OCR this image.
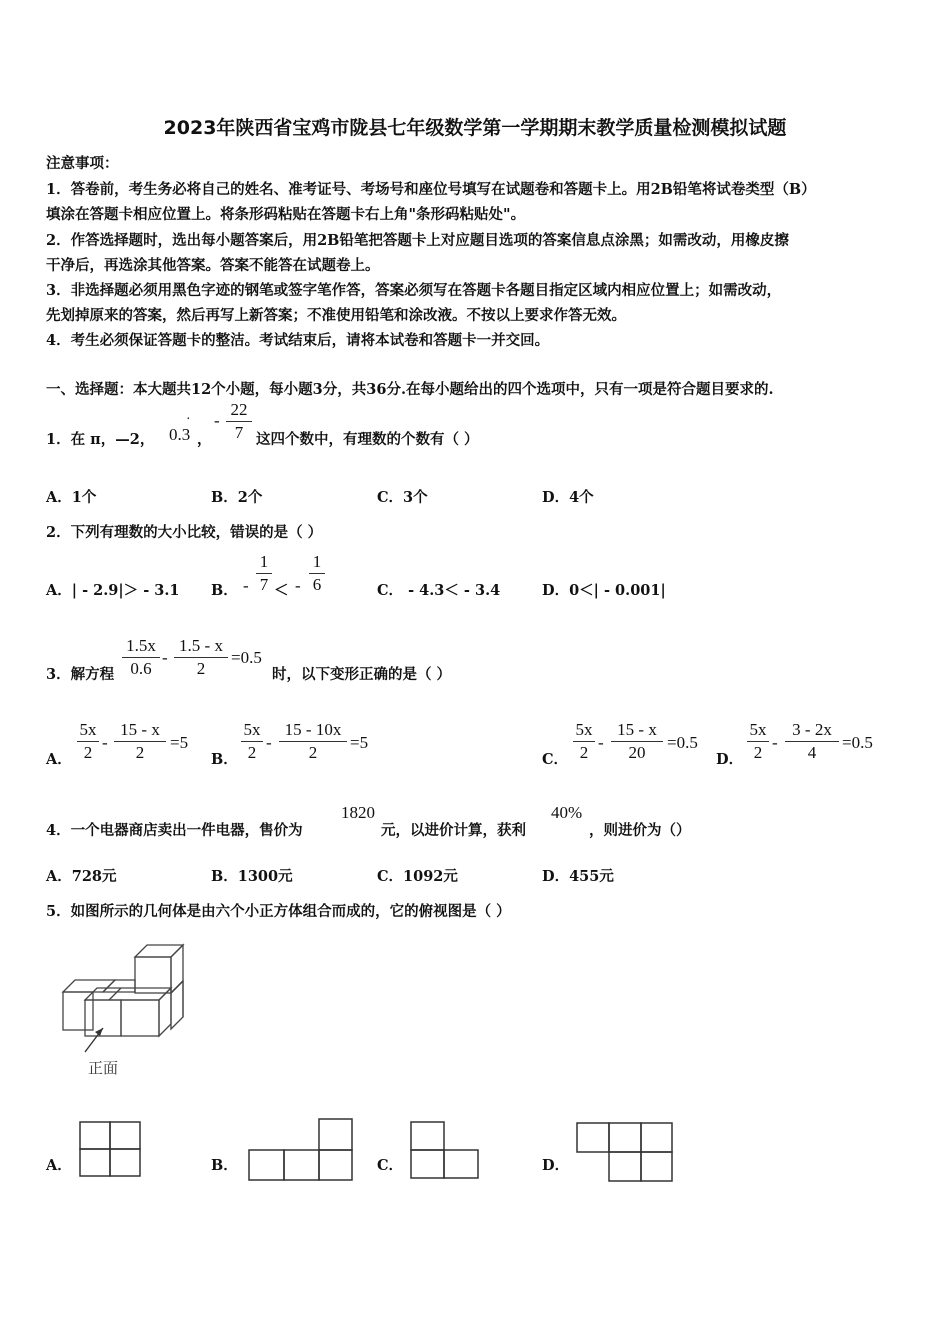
2023年陕西省宝鸡市陇县七年级数学第一学期期末教学质量检测模拟试题
注意事项：
1．答卷前，考生务必将自己的姓名、准考证号、考场号和座位号填写在试题卷和答题卡上。用2B铅笔将试卷类型（B）
填涂在答题卡相应位置上。将条形码粘贴在答题卡右上角"条形码粘贴处"。
2．作答选择题时，选出每小题答案后，用2B铅笔把答题卡上对应题目选项的答案信息点涂黑；如需改动，用橡皮擦
干净后，再选涂其他答案。答案不能答在试题卷上。
3．非选择题必须用黑色字迹的钢笔或签字笔作答，答案必须写在答题卡各题目指定区域内相应位置上；如需改动，
先划掉原来的答案，然后再写上新答案；不准使用铅笔和涂改液。不按以上要求作答无效。
4．考生必须保证答题卡的整洁。考试结束后，请将本试卷和答题卡一并交回。
一、选择题：本大题共12个小题，每小题3分，共36分.在每小题给出的四个选项中，只有一项是符合题目要求的.
1．在 π，—2， 0.3
·
，
-
22
7 这四个数中，有理数的个数有（ ）
A．1个	B．2个	C．3个	D．4个
2．下列有理数的大小比较，错误的是（ ）
A．| - 2.9|＞ - 3.1 B． -
1
7 ＜ -
1
6	C． - 4.3＜ - 3.4	D．0＜| - 0.001|
3．解方程
1.5x
0.6
-
1.5 - x
2
=0.5
时，以下变形正确的是（ ）
A．
5x
2
-
15 - x
2
=5
B．
5x
2
-
15 - 10x
2
=5
C．
5x
2
-
15 - x
20
=0.5
D．
5x
2
-
3 - 2x
4
=0.5
4．一个电器商店卖出一件电器，售价为
1820
元，以进价计算，获利
40%
，则进价为（）
A．728元	B．1300元	C．1092元	D．455元
5．如图所示的几何体是由六个小正方体组合而成的，它的俯视图是（ ）
正面
A．	B．	C．	D．
